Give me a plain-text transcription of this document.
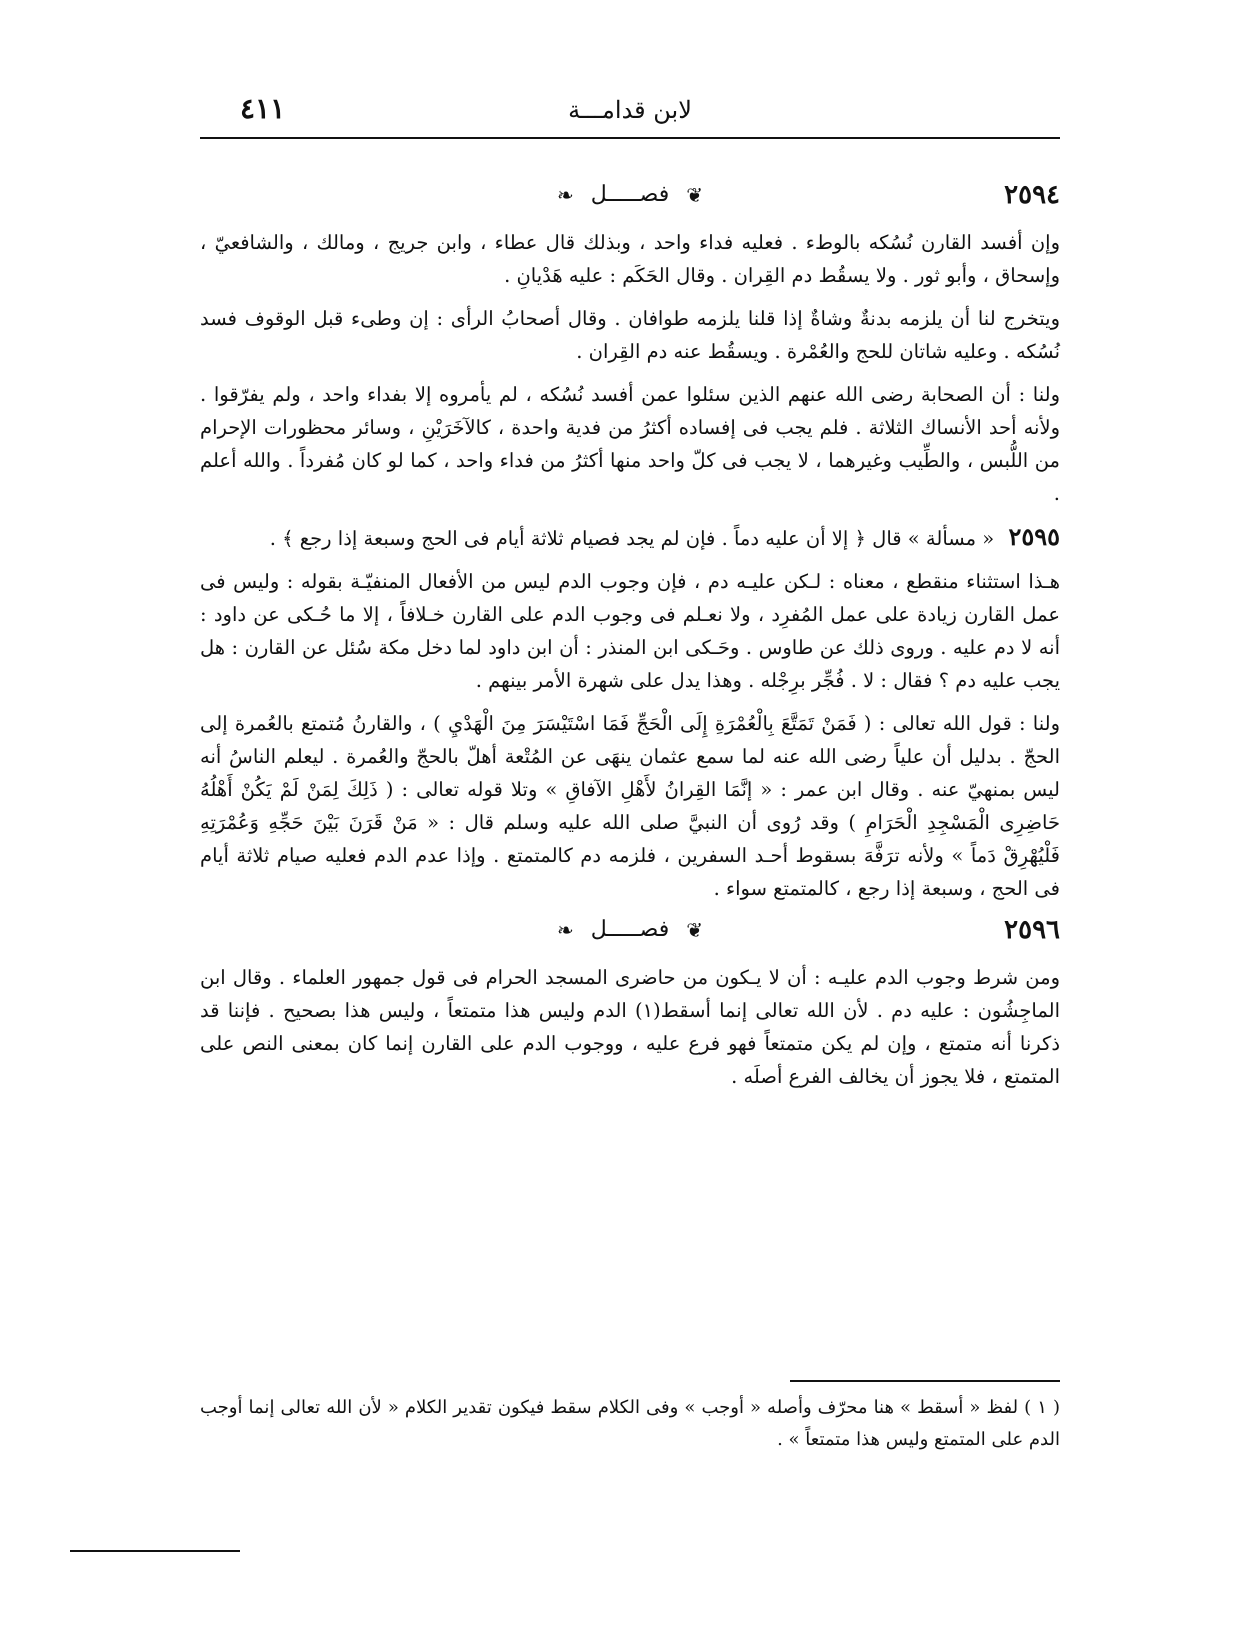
لابن قدامـــة
٤١١
٢٥٩٤
❦ فصـــــل ❧

وإن أفسد القارن نُسُكه بالوطء . فعليه فداء واحد ، وبذلك قال عطاء ، وابن جريج ، ومالك ، والشافعيّ ، وإسحاق ، وأبو ثور . ولا يسقُط دم القِران . وقال الحَكَم : عليه هَدْيانِ .

ويتخرج لنا أن يلزمه بدنةٌ وشاةٌ إذا قلنا يلزمه طوافان . وقال أصحابُ الرأى : إن وطىء قبل الوقوف فسد نُسُكه . وعليه شاتان للحج والعُمْرة . ويسقُط عنه دم القِران .

ولنا : أن الصحابة رضى الله عنهم الذين سئلوا عمن أفسد نُسُكه ، لم يأمروه إلا بفداء واحد ، ولم يفرّقوا . ولأنه أحد الأنساك الثلاثة . فلم يجب فى إفساده أكثرُ من فدية واحدة ، كالآخَرَيْنِ ، وسائر محظورات الإحرام من اللُّبس ، والطِّيب وغيرهما ، لا يجب فى كلّ واحد منها أكثرُ من فداء واحد ، كما لو كان مُفرداً . والله أعلم .

٢٥٩٥ « مسألة » قال ﴿ إلا أن عليه دماً . فإن لم يجد فصيام ثلاثة أيام فى الحج وسبعة إذا رجع ﴾ .

هـذا استثناء منقطع ، معناه : لـكن عليـه دم ، فإن وجوب الدم ليس من الأفعال المنفيّـة بقوله : وليس فى عمل القارن زيادة على عمل المُفرِد ، ولا نعـلم فى وجوب الدم على القارن خـلافاً ، إلا ما حُـكى عن داود : أنه لا دم عليه . وروى ذلك عن طاوس . وحَـكى ابن المنذر : أن ابن داود لما دخل مكة سُئل عن القارن : هل يجب عليه دم ؟ فقال : لا . فُجِّر برِجْله . وهذا يدل على شهرة الأمر بينهم .

ولنا : قول الله تعالى : ( فَمَنْ تَمَتَّعَ بِالْعُمْرَةِ إِلَى الْحَجِّ فَمَا اسْتَيْسَرَ مِنَ الْهَدْيِ ) ، والقارنُ مُتمتع بالعُمرة إلى الحجّ . بدليل أن علياً رضى الله عنه لما سمع عثمان ينهَى عن المُتْعة أهلّ بالحجّ والعُمرة . ليعلم الناسُ أنه ليس بمنهيّ عنه . وقال ابن عمر : « إنَّمَا القِرانُ لأَهْلِ الآفاقِ » وتلا قوله تعالى : ( ذَلِكَ لِمَنْ لَمْ يَكُنْ أَهْلُهُ حَاضِرِى الْمَسْجِدِ الْحَرَامِ ) وقد رُوى أن النبيَّ صلى الله عليه وسلم قال : « مَنْ قَرَنَ بَيْنَ حَجِّهِ وَعُمْرَتِهِ فَلْيُهْرِقْ دَماً » ولأنه ترَفَّهَ بسقوط أحـد السفرين ، فلزمه دم كالمتمتع . وإذا عدم الدم فعليه صيام ثلاثة أيام فى الحج ، وسبعة إذا رجع ، كالمتمتع سواء .

٢٥٩٦
❦ فصـــــل ❧

ومن شرط وجوب الدم عليـه : أن لا يـكون من حاضرى المسجد الحرام فى قول جمهور العلماء . وقال ابن الماجِشُون : عليه دم . لأن الله تعالى إنما أسقط(١) الدم وليس هذا متمتعاً ، وليس هذا بصحيح . فإننا قد ذكرنا أنه متمتع ، وإن لم يكن متمتعاً فهو فرع عليه ، ووجوب الدم على القارن إنما كان بمعنى النص على المتمتع ، فلا يجوز أن يخالف الفرع أصلَه .

( ١ ) لفظ « أسقط » هنا محرّف وأصله « أوجب » وفى الكلام سقط فيكون تقدير الكلام « لأن الله تعالى إنما أوجب الدم على المتمتع وليس هذا متمتعاً » .
